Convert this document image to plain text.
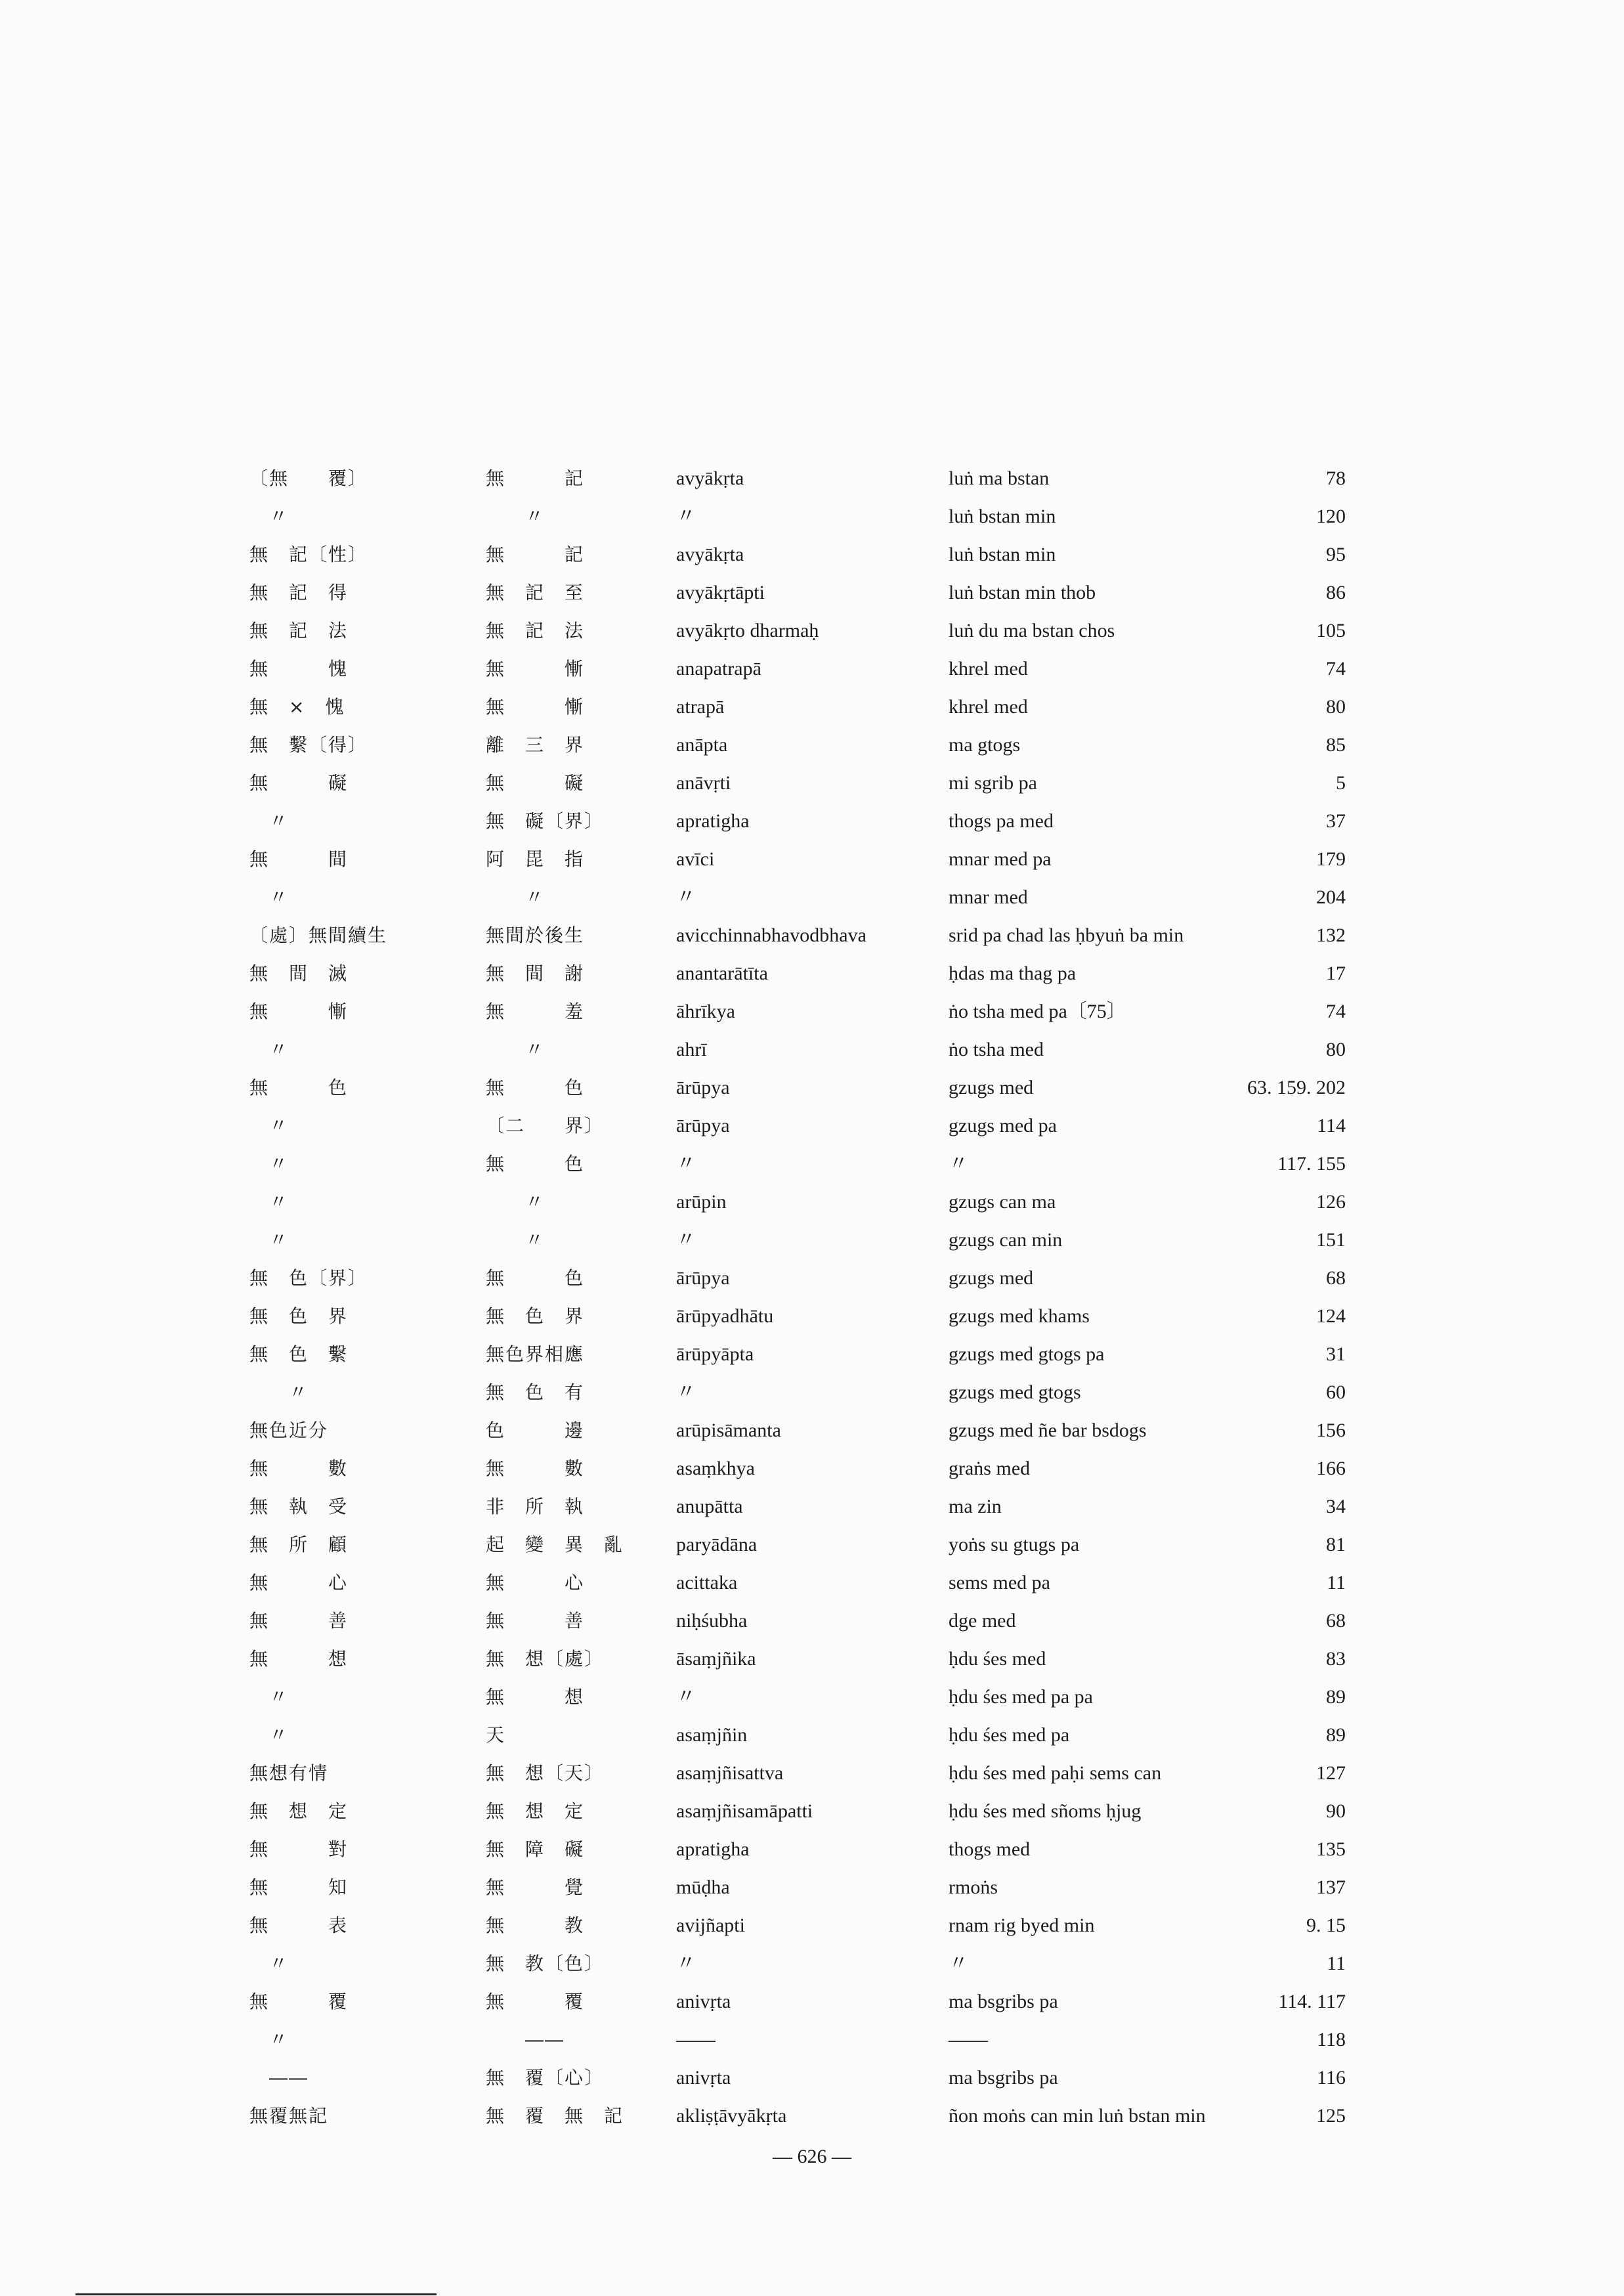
〔無　　覆〕	無　　　記	avyākṛta	luṅ ma bstan	78
　〃	　　〃	〃	luṅ bstan min	120
無　記〔性〕	無　　　記	avyākṛta	luṅ bstan min	95
無　記　得	無　記　至	avyākṛtāpti	luṅ bstan min thob	86
無　記　法	無　記　法	avyākṛto dharmaḥ	luṅ du ma bstan chos	105
無　　　愧	無　　　慚	anapatrapā	khrel med	74
無　×　愧	無　　　慚	atrapā	khrel med	80
無　繫〔得〕	離　三　界	anāpta	ma gtogs	85
無　　　礙	無　　　礙	anāvṛti	mi sgrib pa	5
　〃	無　礙〔界〕	apratigha	thogs pa med	37
無　　　間	阿　毘　指	avīci	mnar med pa	179
　〃	　　〃	〃	mnar med	204
〔處〕無間續生	無間於後生	avicchinnabhavodbhava	srid pa chad las ḥbyuṅ ba min	132
無　間　滅	無　間　謝	anantarātīta	ḥdas ma thag pa	17
無　　　慚	無　　　羞	āhrīkya	ṅo tsha med pa〔75〕	74
　〃	　　〃	ahrī	ṅo tsha med	80
無　　　色	無　　　色	ārūpya	gzugs med	63. 159. 202
　〃	〔二　　界〕	ārūpya	gzugs med pa	114
　〃	無　　　色	〃	〃	117. 155
　〃	　　〃	arūpin	gzugs can ma	126
　〃	　　〃	〃	gzugs can min	151
無　色〔界〕	無　　　色	ārūpya	gzugs med	68
無　色　界	無　色　界	ārūpyadhātu	gzugs med khams	124
無　色　繫	無色界相應	ārūpyāpta	gzugs med gtogs pa	31
　　〃	無　色　有	〃	gzugs med gtogs	60
無色近分	色　　　邊	arūpisāmanta	gzugs med ñe bar bsdogs	156
無　　　數	無　　　數	asaṃkhya	graṅs med	166
無　執　受	非　所　執	anupātta	ma zin	34
無　所　顧	起　變　異　亂	paryādāna	yoṅs su gtugs pa	81
無　　　心	無　　　心	acittaka	sems med pa	11
無　　　善	無　　　善	niḥśubha	dge med	68
無　　　想	無　想〔處〕	āsaṃjñika	ḥdu śes med	83
　〃	無　　　想	〃	ḥdu śes med pa pa	89
　〃	天	asaṃjñin	ḥdu śes med pa	89
無想有情	無　想〔天〕	asaṃjñisattva	ḥdu śes med paḥi sems can	127
無　想　定	無　想　定	asaṃjñisamāpatti	ḥdu śes med sñoms ḥjug	90
無　　　對	無　障　礙	apratigha	thogs med	135
無　　　知	無　　　覺	mūḍha	rmoṅs	137
無　　　表	無　　　教	avijñapti	rnam rig byed min	9. 15
　〃	無　教〔色〕	〃	〃	11
無　　　覆	無　　　覆	anivṛta	ma bsgribs pa	114. 117
　〃	　　――	――	――	118
　――	無　覆〔心〕	anivṛta	ma bsgribs pa	116
無覆無記	無　覆　無　記	akliṣṭāvyākṛta	ñon moṅs can min luṅ bstan min	125
— 626 —
